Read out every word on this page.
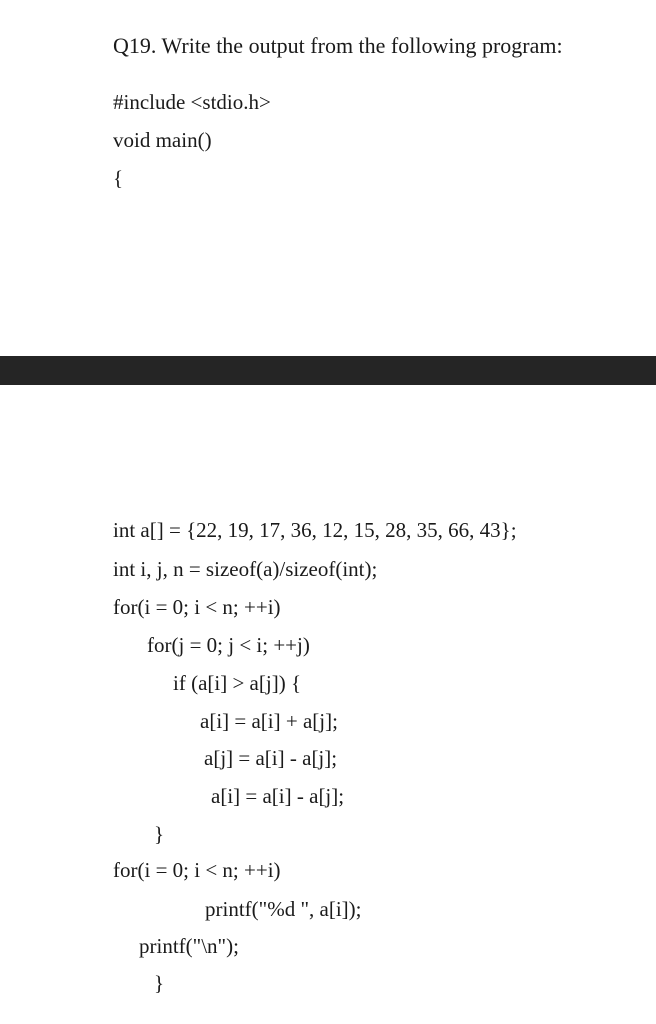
Q19. Write the output from the following program:
#include <stdio.h>
void main()
{
int a[] = {22, 19, 17, 36, 12, 15, 28, 35, 66, 43};
int i, j, n = sizeof(a)/sizeof(int);
for(i = 0; i < n; ++i)
for(j = 0; j < i; ++j)
if (a[i] > a[j]) {
a[i] = a[i] + a[j];
a[j] = a[i] - a[j];
a[i] = a[i] - a[j];
}
for(i = 0; i < n; ++i)
printf("%d ", a[i]);
printf("\n");
}
